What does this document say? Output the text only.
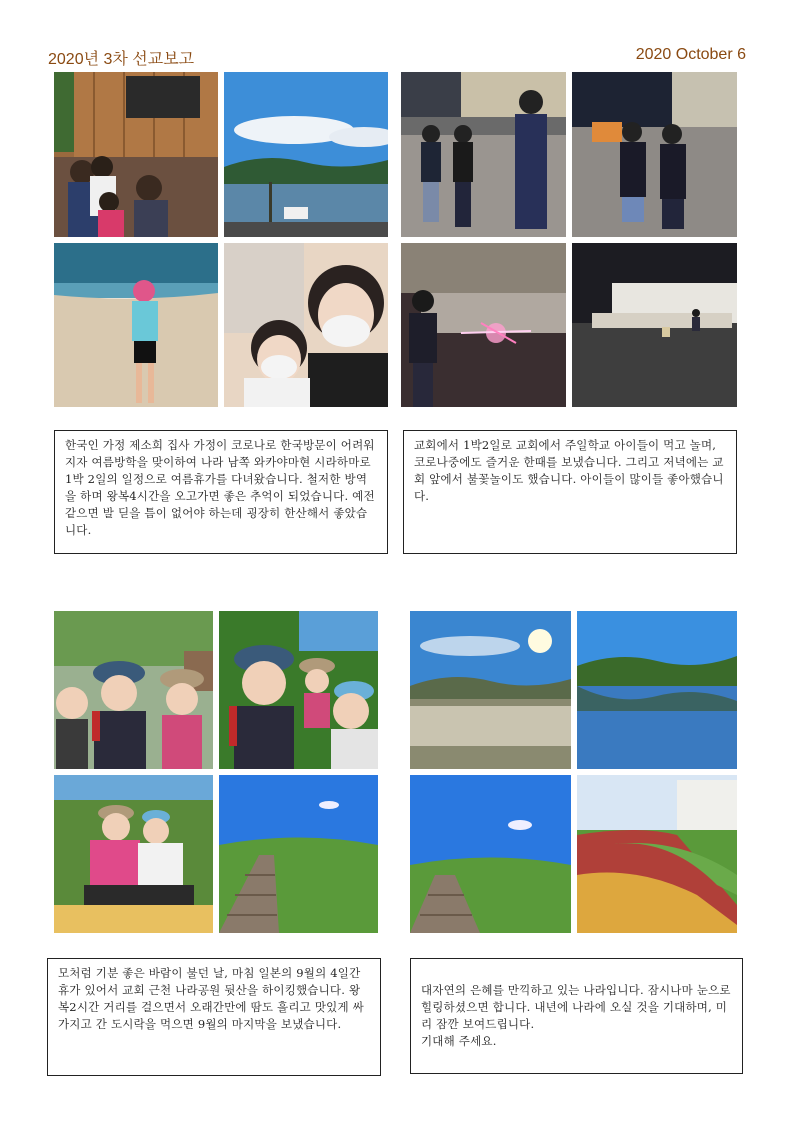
2020년 3차 선교보고	2020 October 6

한국인 가정 제소희 집사 가정이 코로나로 한국방문이 어려워지자 여름방학을 맞이하여 나라 남쪽 와카야마현 시라하마로 1박 2일의 일정으로 여름휴가를 다녀왔습니다. 철저한 방역을 하며 왕복4시간을 오고가면 좋은 추억이 되었습니다. 예전 같으면 발 딛을 틈이 없어야 하는데 굉장히 한산해서 좋았습니다.

교회에서 1박2일로 교회에서 주일학교 아이들이 먹고 놀며, 코로나중에도 즐거운 한때를 보냈습니다. 그리고 저녁에는 교회 앞에서 불꽃놀이도 했습니다. 아이들이 많이들 좋아했습니다.

모처럼 기분 좋은 바람이 불던 날, 마침 일본의 9월의 4일간 휴가 있어서 교회 근천 나라공원 뒷산을 하이킹했습니다. 왕복2시간 거리를 걸으면서 오래간만에 땀도 흘리고 맛있게 싸 가지고 간 도시락을 먹으면 9월의 마지막을 보냈습니다.

대자연의 은혜를 만끽하고 있는 나라입니다. 잠시나마 눈으로 힐링하셨으면 합니다. 내년에 나라에 오실 것을 기대하며, 미리 잠깐 보여드립니다.
기대해 주세요.
